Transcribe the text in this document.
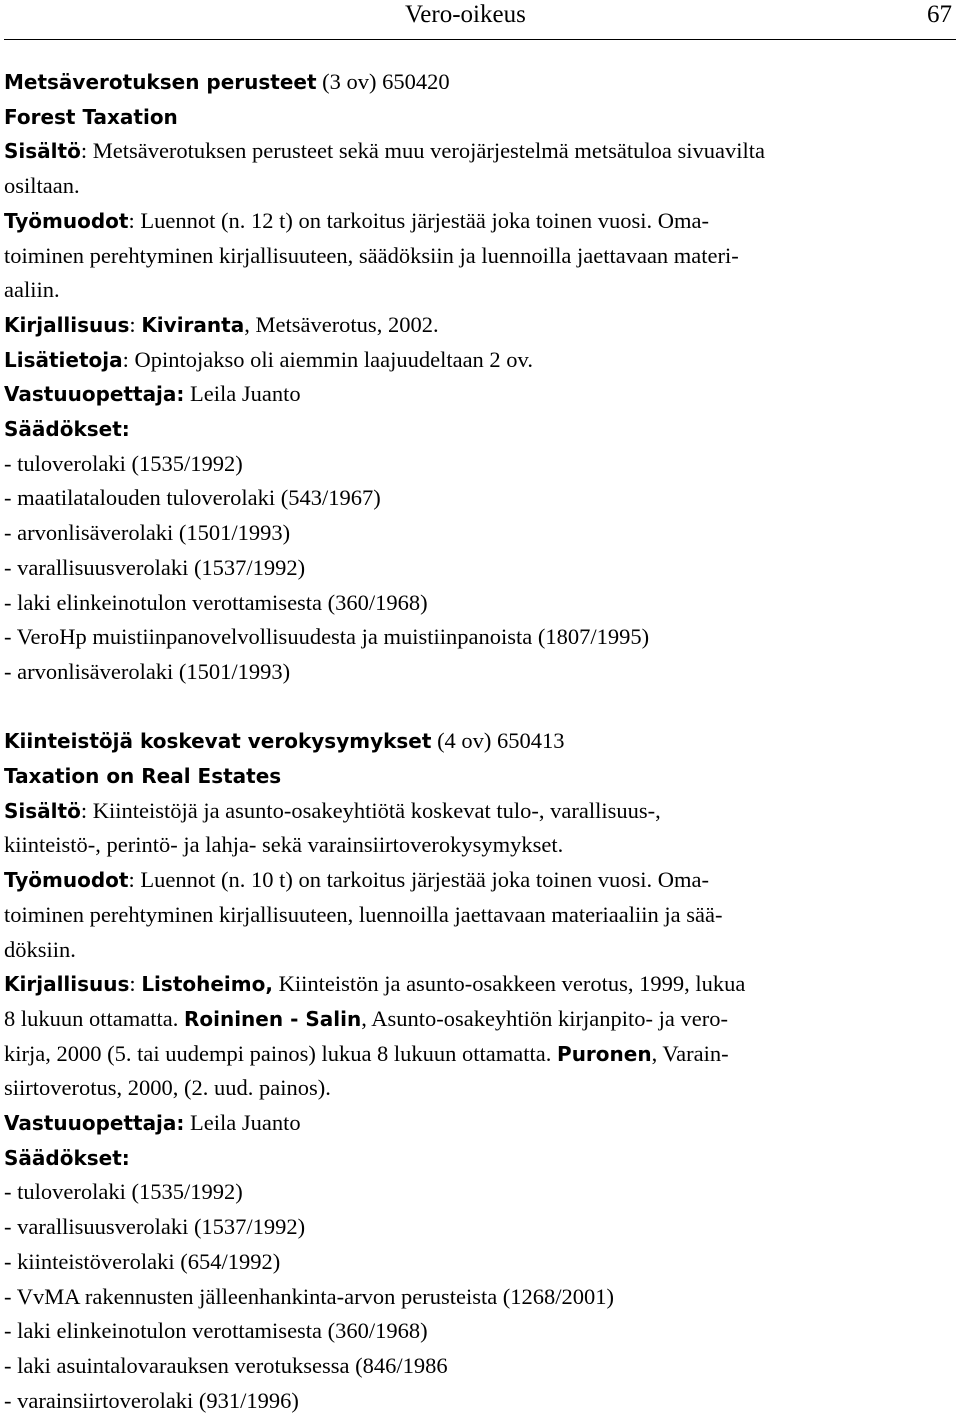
Vero-oikeus	67
Metsäverotuksen perusteet (3 ov) 650420
Forest Taxation
Sisältö: Metsäverotuksen perusteet sekä muu verojärjestelmä metsätuloa sivuavilta
osiltaan.
Työmuodot: Luennot (n. 12 t) on tarkoitus järjestää joka toinen vuosi. Oma-
toiminen perehtyminen kirjallisuuteen, säädöksiin ja luennoilla jaettavaan materi-
aaliin.
Kirjallisuus: Kiviranta, Metsäverotus, 2002.
Lisätietoja: Opintojakso oli aiemmin laajuudeltaan 2 ov.
Vastuuopettaja: Leila Juanto
Säädökset:
- tuloverolaki (1535/1992)
- maatilatalouden tuloverolaki (543/1967)
- arvonlisäverolaki (1501/1993)
- varallisuusverolaki (1537/1992)
- laki elinkeinotulon verottamisesta (360/1968)
- VeroHp muistiinpanovelvollisuudesta ja muistiinpanoista (1807/1995)
- arvonlisäverolaki (1501/1993)
Kiinteistöjä koskevat verokysymykset (4 ov) 650413
Taxation on Real Estates
Sisältö: Kiinteistöjä ja asunto-osakeyhtiötä koskevat tulo-, varallisuus-,
kiinteistö-, perintö- ja lahja- sekä varainsiirtoverokysymykset.
Työmuodot: Luennot (n. 10 t) on tarkoitus järjestää joka toinen vuosi. Oma-
toiminen perehtyminen kirjallisuuteen, luennoilla jaettavaan materiaaliin ja sää-
döksiin.
Kirjallisuus: Listoheimo, Kiinteistön ja asunto-osakkeen verotus, 1999, lukua
8 lukuun ottamatta. Roininen - Salin, Asunto-osakeyhtiön kirjanpito- ja vero-
kirja, 2000 (5. tai uudempi painos) lukua 8 lukuun ottamatta. Puronen, Varain-
siirtoverotus, 2000, (2. uud. painos).
Vastuuopettaja: Leila Juanto
Säädökset:
- tuloverolaki (1535/1992)
- varallisuusverolaki (1537/1992)
- kiinteistöverolaki (654/1992)
- VvMA rakennusten jälleenhankinta-arvon perusteista (1268/2001)
- laki elinkeinotulon verottamisesta (360/1968)
- laki asuintalovarauksen verotuksessa (846/1986
- varainsiirtoverolaki (931/1996)
